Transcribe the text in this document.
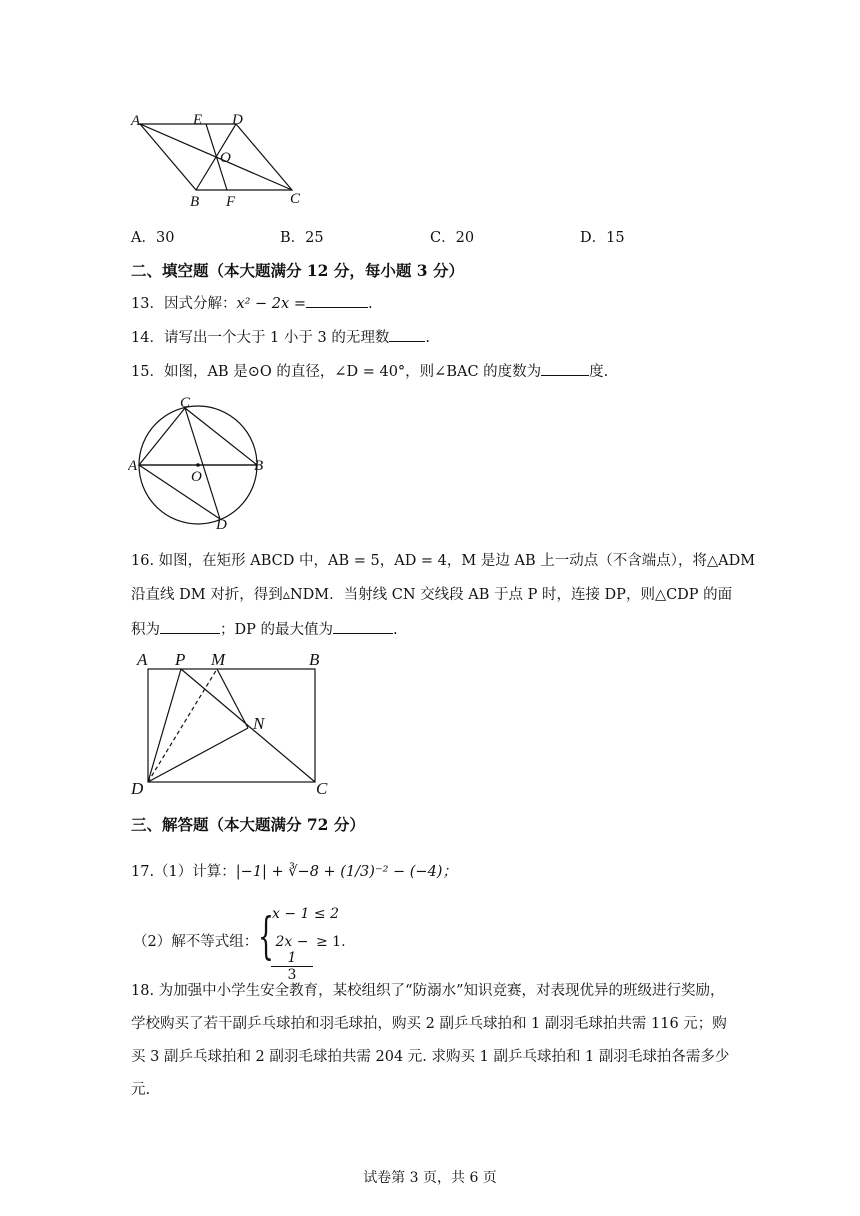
A	E D
O
B F	C
A．30	B．25	C．20	D．15
二、填空题（本大题满分 12 分，每小题 3 分）
13．因式分解：x² − 2x =	.
14．请写出一个大于 1 小于 3 的无理数 .
15．如图，AB 是⊙O 的直径，∠D = 40°，则∠BAC 的度数为	度.
C
A
O
B
D
16. 如图，在矩形 ABCD 中，AB = 5，AD = 4，M 是边 AB 上一动点（不含端点），将△ADM
沿直线 DM 对折，得到▵NDM．当射线 CN 交线段 AB 于点 P 时，连接 DP，则△CDP 的面
积为	；DP 的最大值为	.
A P M	B
N
D	C
三、解答题（本大题满分 72 分）
17.（1）计算：|−1| + ∛−8 + (1/3)⁻² − (−4)；
（2）解不等式组： {
x − 1 ≤ 2
2x − 1
3
≥ 1.
18. 为加强中小学生安全教育，某校组织了“防溺水”知识竞赛，对表现优异的班级进行奖励，
学校购买了若干副乒乓球拍和羽毛球拍，购买 2 副乒乓球拍和 1 副羽毛球拍共需 116 元；购
买 3 副乒乓球拍和 2 副羽毛球拍共需 204 元. 求购买 1 副乒乓球拍和 1 副羽毛球拍各需多少
元.
试卷第 3 页，共 6 页
